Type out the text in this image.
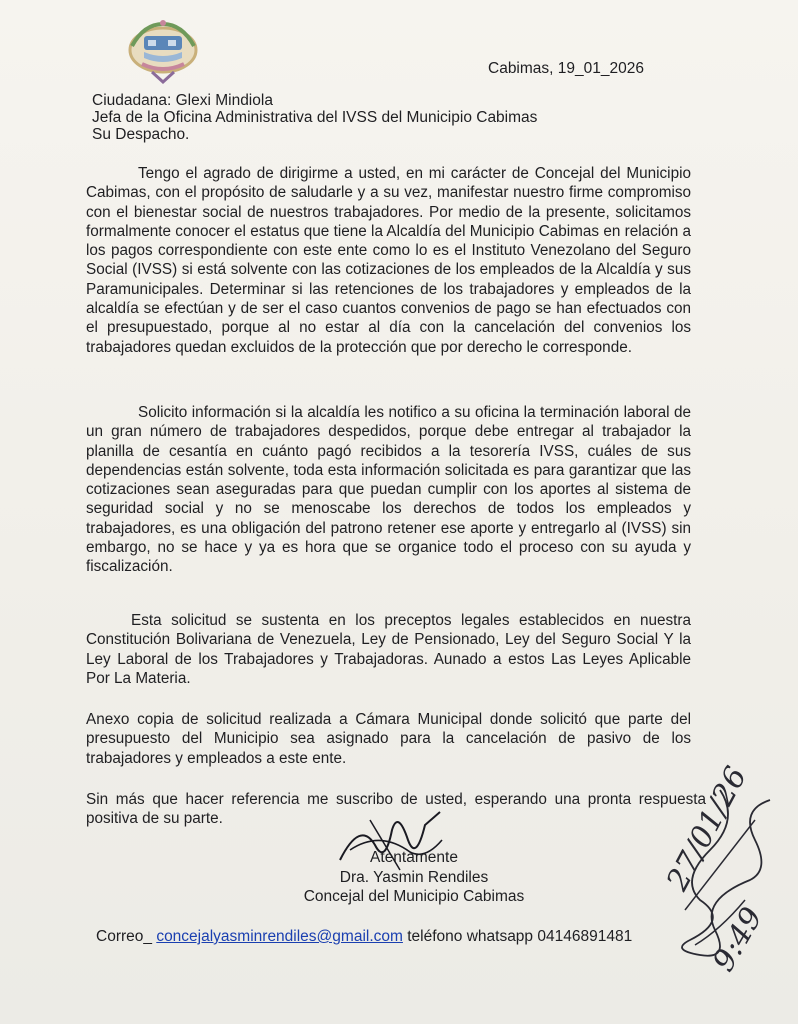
Cabimas, 19_01_2026
Ciudadana: Glexi Mindiola
Jefa de la Oficina Administrativa del IVSS del Municipio Cabimas
Su Despacho.

Tengo el agrado de dirigirme a usted, en mi carácter de Concejal del Municipio Cabimas, con el propósito de saludarle y a su vez, manifestar nuestro firme compromiso con el bienestar social de nuestros trabajadores. Por medio de la presente, solicitamos formalmente conocer el estatus que tiene la Alcaldía del Municipio Cabimas en relación a los pagos correspondiente con este ente como lo es el Instituto Venezolano del Seguro Social (IVSS) si está solvente con las cotizaciones de los empleados de la Alcaldía y sus Paramunicipales. Determinar si las retenciones de los trabajadores y empleados de la alcaldía se efectúan y de ser el caso cuantos convenios de pago se han efectuados con el presupuestado, porque al no estar al día con la cancelación del convenios los trabajadores quedan excluidos de la protección que por derecho le corresponde.

Solicito información si la alcaldía les notifico a su oficina la terminación laboral de un gran número de trabajadores despedidos, porque debe entregar al trabajador la planilla de cesantía en cuánto pagó recibidos a la tesorería IVSS, cuáles de sus dependencias están solvente, toda esta información solicitada es para garantizar que las cotizaciones sean aseguradas para que puedan cumplir con los aportes al sistema de seguridad social y no se menoscabe los derechos de todos los empleados y trabajadores, es una obligación del patrono retener ese aporte y entregarlo al (IVSS) sin embargo, no se hace y ya es hora que se organice todo el proceso con su ayuda y fiscalización.

Esta solicitud se sustenta en los preceptos legales establecidos en nuestra Constitución Bolivariana de Venezuela, Ley de Pensionado, Ley del Seguro Social Y la Ley Laboral de los Trabajadores y Trabajadoras. Aunado a estos Las Leyes Aplicable Por La Materia.

Anexo copia de solicitud realizada a Cámara Municipal donde solicitó que parte del presupuesto del Municipio sea asignado para la cancelación de pasivo de los trabajadores y empleados a este ente.

Sin más que hacer referencia me suscribo de usted, esperando una pronta respuesta positiva de su parte.

Atentamente
Dra. Yasmin Rendiles
Concejal del Municipio Cabimas
27/01/26
9:49
Correo_ concejalyasminrendiles@gmail.com teléfono whatsapp 04146891481
